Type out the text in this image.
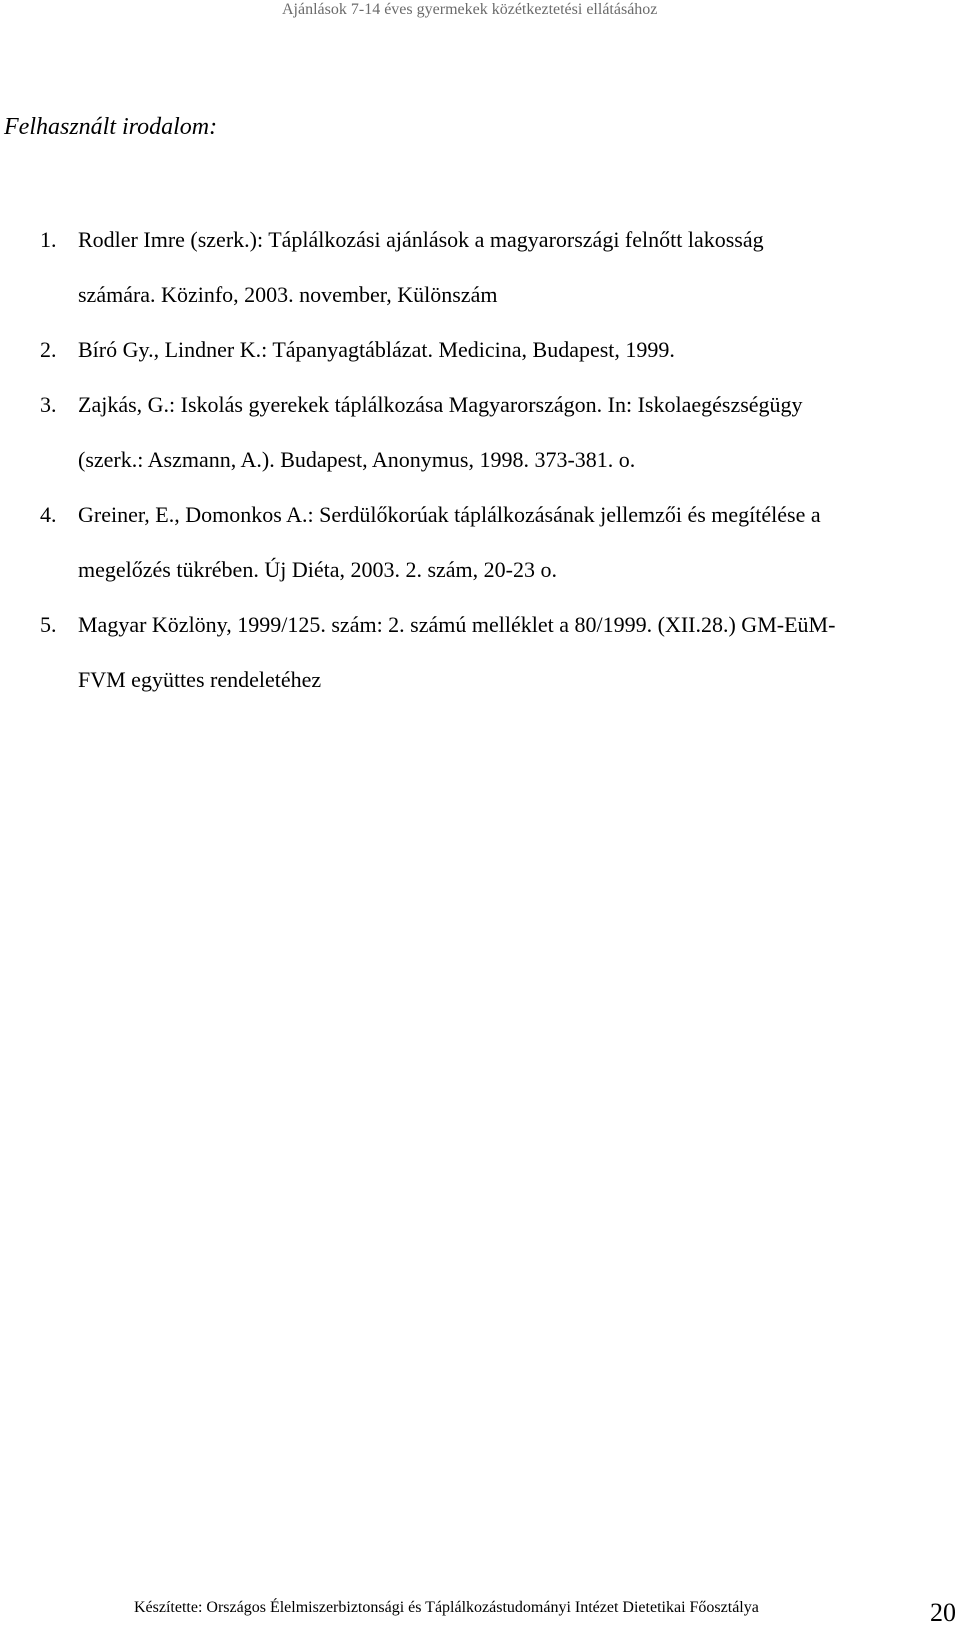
Ajánlások 7-14 éves gyermekek közétkeztetési ellátásához
Felhasznált irodalom:
1. Rodler Imre (szerk.): Táplálkozási ajánlások a magyarországi felnőtt lakosság
számára. Közinfo, 2003. november, Különszám
2. Bíró Gy., Lindner K.: Tápanyagtáblázat. Medicina, Budapest, 1999.
3. Zajkás, G.: Iskolás gyerekek táplálkozása Magyarországon. In: Iskolaegészségügy
(szerk.: Aszmann, A.). Budapest, Anonymus, 1998. 373-381. o.
4. Greiner, E., Domonkos A.: Serdülőkorúak táplálkozásának jellemzői és megítélése a
megelőzés tükrében. Új Diéta, 2003. 2. szám, 20-23 o.
5. Magyar Közlöny, 1999/125. szám: 2. számú melléklet a 80/1999. (XII.28.) GM-EüM-
FVM együttes rendeletéhez
Készítette: Országos Élelmiszerbiztonsági és Táplálkozástudományi Intézet Dietetikai Főosztálya	20
